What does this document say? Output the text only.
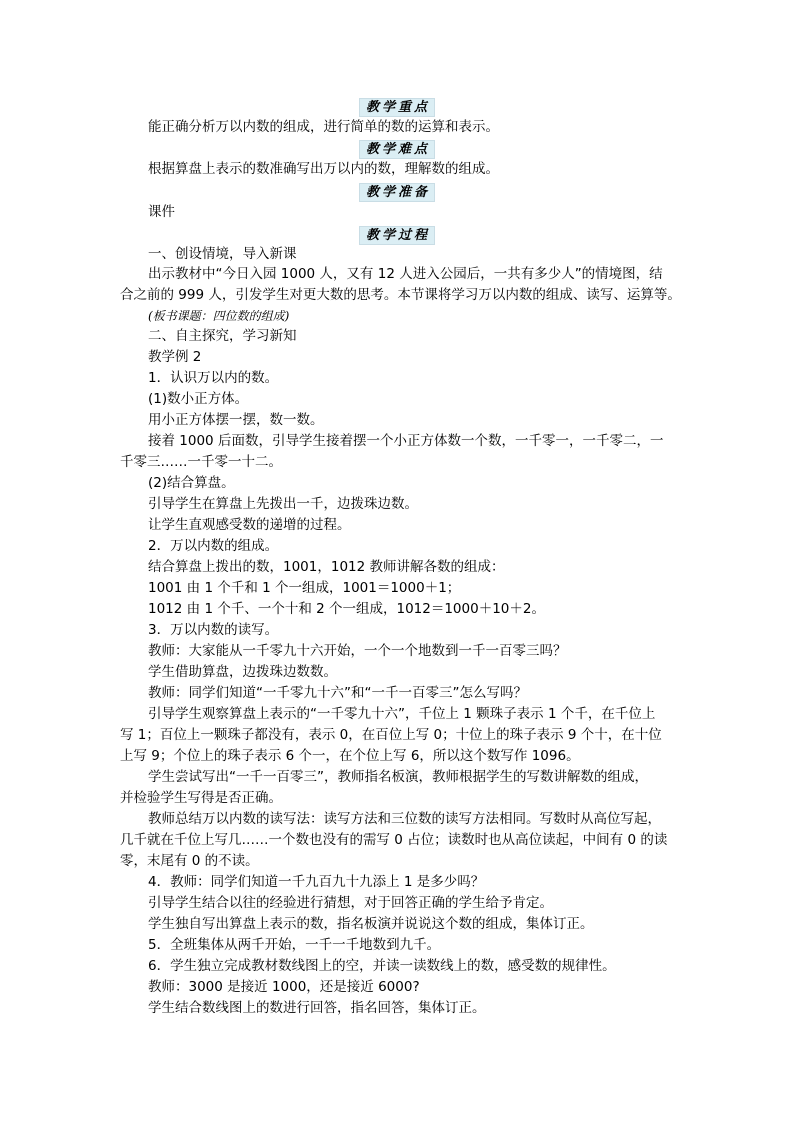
教学重点
能正确分析万以内数的组成，进行简单的数的运算和表示。
教学难点
根据算盘上表示的数准确写出万以内的数，理解数的组成。
教学准备
课件
教学过程
一、创设情境，导入新课
出示教材中“今日入园 1000 人，又有 12 人进入公园后，一共有多少人”的情境图，结
合之前的 999 人，引发学生对更大数的思考。本节课将学习万以内数的组成、读写、运算等。
(板书课题：四位数的组成)
二、自主探究，学习新知
教学例 2
1．认识万以内的数。
(1)数小正方体。
用小正方体摆一摆，数一数。
接着 1000 后面数，引导学生接着摆一个小正方体数一个数，一千零一，一千零二，一
千零三……一千零一十二。
(2)结合算盘。
引导学生在算盘上先拨出一千，边拨珠边数。
让学生直观感受数的递增的过程。
2．万以内数的组成。
结合算盘上拨出的数，1001，1012 教师讲解各数的组成：
1001 由 1 个千和 1 个一组成，1001＝1000＋1；
1012 由 1 个千、一个十和 2 个一组成，1012＝1000＋10＋2。
3．万以内数的读写。
教师：大家能从一千零九十六开始，一个一个地数到一千一百零三吗？
学生借助算盘，边拨珠边数数。
教师：同学们知道“一千零九十六”和“一千一百零三”怎么写吗？
引导学生观察算盘上表示的“一千零九十六”，千位上 1 颗珠子表示 1 个千，在千位上
写 1；百位上一颗珠子都没有，表示 0，在百位上写 0；十位上的珠子表示 9 个十，在十位
上写 9；个位上的珠子表示 6 个一，在个位上写 6，所以这个数写作 1096。
学生尝试写出“一千一百零三”，教师指名板演，教师根据学生的写数讲解数的组成，
并检验学生写得是否正确。
教师总结万以内数的读写法：读写方法和三位数的读写方法相同。写数时从高位写起，
几千就在千位上写几……一个数也没有的需写 0 占位；读数时也从高位读起，中间有 0 的读
零，末尾有 0 的不读。
4．教师：同学们知道一千九百九十九添上 1 是多少吗？
引导学生结合以往的经验进行猜想，对于回答正确的学生给予肯定。
学生独自写出算盘上表示的数，指名板演并说说这个数的组成，集体订正。
5．全班集体从两千开始，一千一千地数到九千。
6．学生独立完成教材数线图上的空，并读一读数线上的数，感受数的规律性。
教师：3000 是接近 1000，还是接近 6000?
学生结合数线图上的数进行回答，指名回答，集体订正。
